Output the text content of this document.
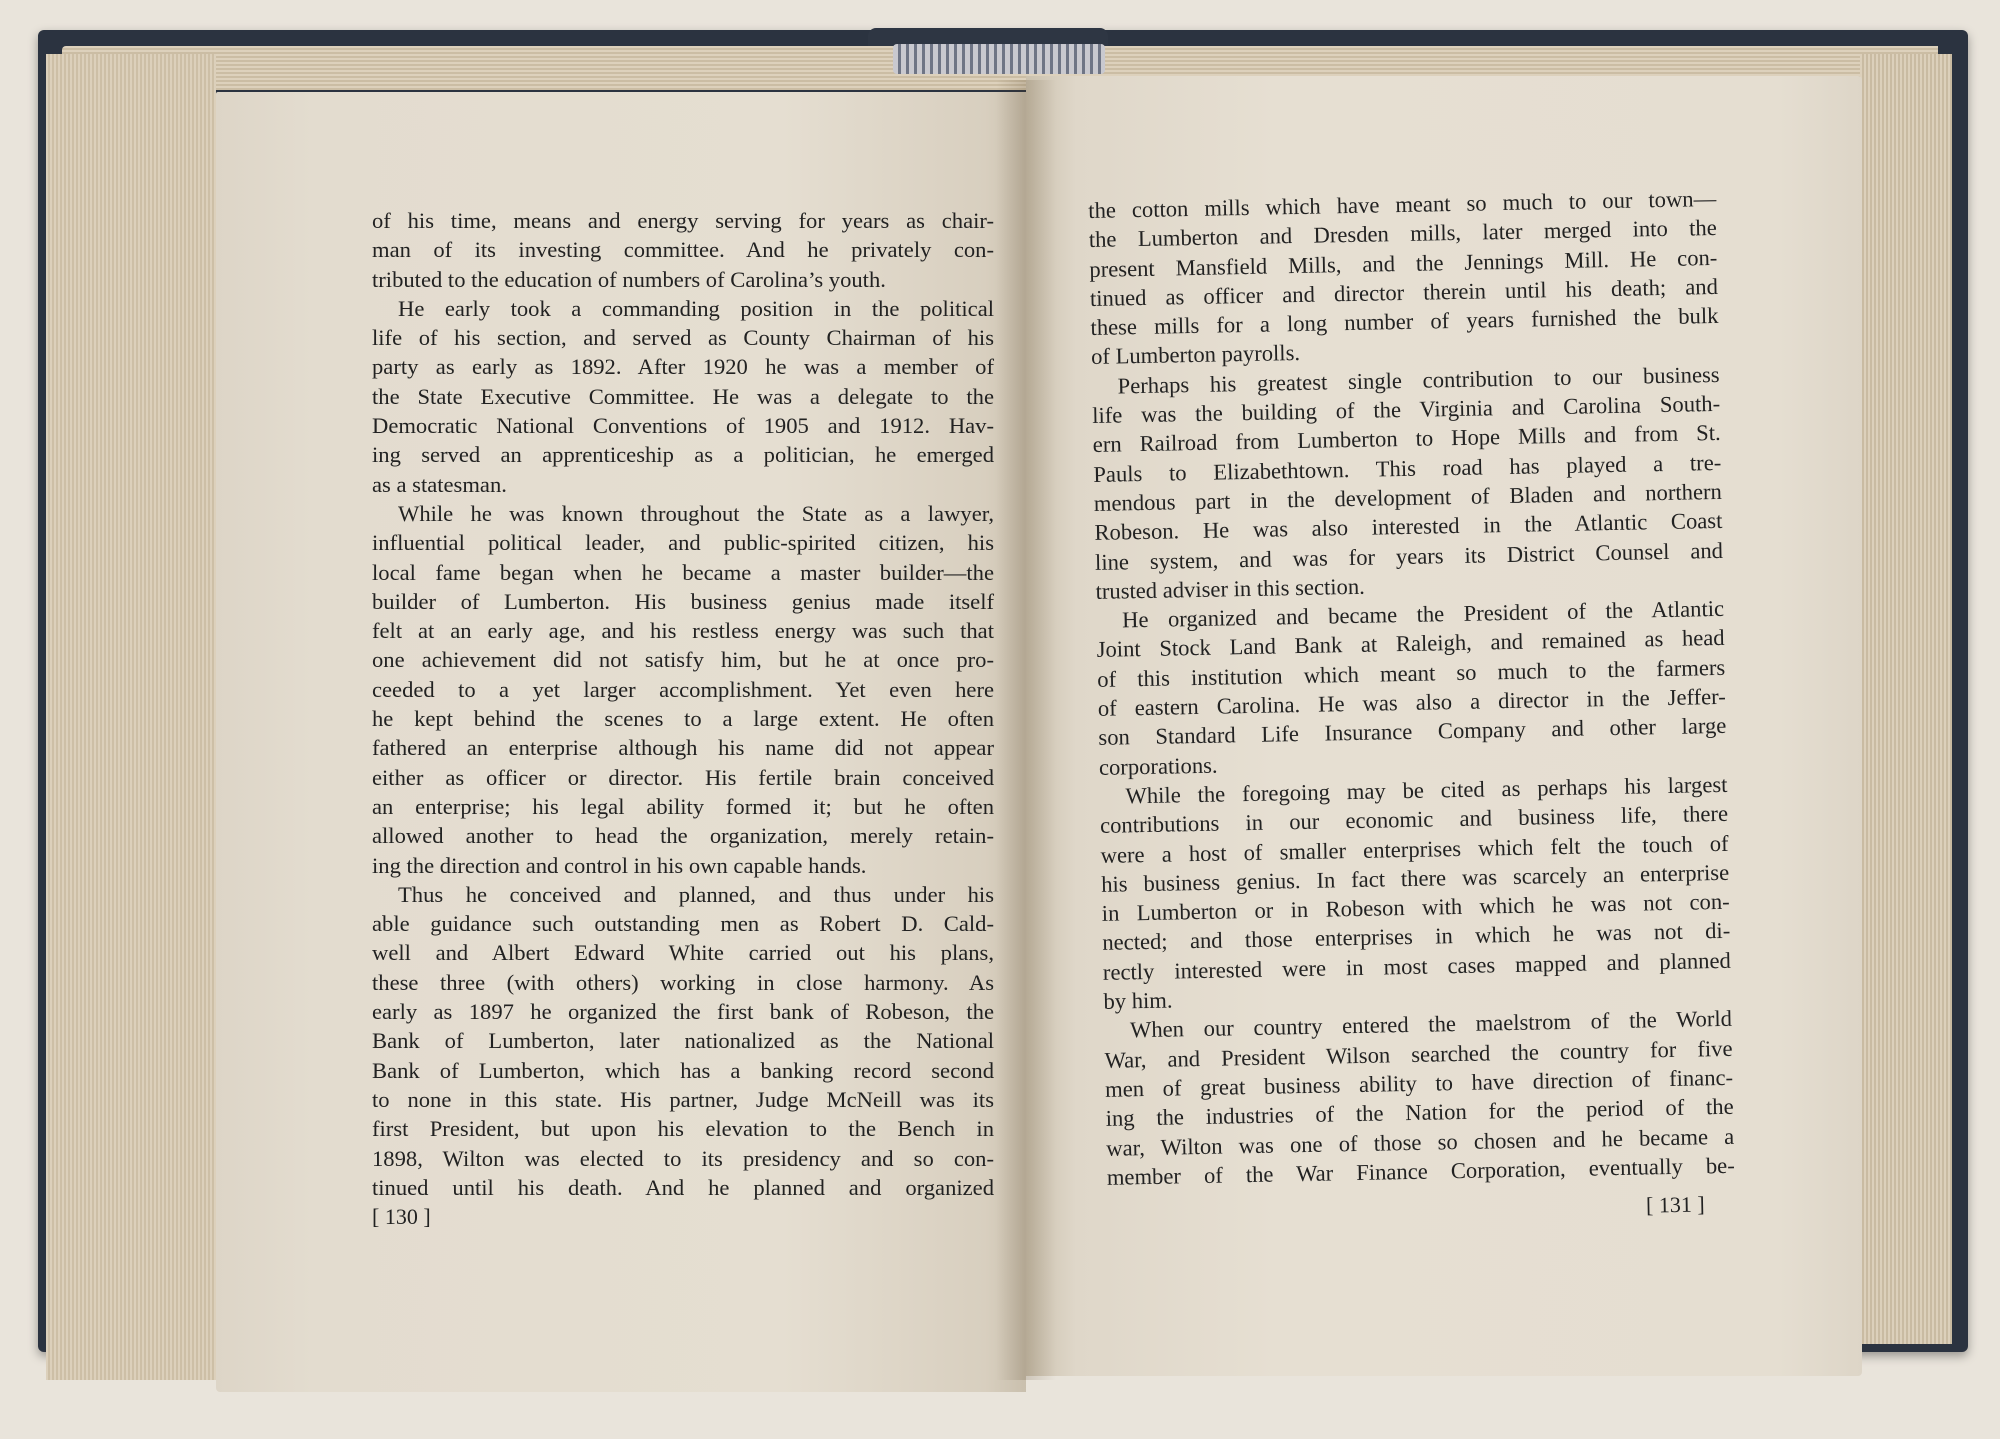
of his time, means and energy serving for years as chair-
man of its investing committee. And he privately con-
tributed to the education of numbers of Carolina’s youth.
He early took a commanding position in the political
life of his section, and served as County Chairman of his
party as early as 1892. After 1920 he was a member of
the State Executive Committee. He was a delegate to the
Democratic National Conventions of 1905 and 1912. Hav-
ing served an apprenticeship as a politician, he emerged
as a statesman.
While he was known throughout the State as a lawyer,
influential political leader, and public-spirited citizen, his
local fame began when he became a master builder—the
builder of Lumberton. His business genius made itself
felt at an early age, and his restless energy was such that
one achievement did not satisfy him, but he at once pro-
ceeded to a yet larger accomplishment. Yet even here
he kept behind the scenes to a large extent. He often
fathered an enterprise although his name did not appear
either as officer or director. His fertile brain conceived
an enterprise; his legal ability formed it; but he often
allowed another to head the organization, merely retain-
ing the direction and control in his own capable hands.
Thus he conceived and planned, and thus under his
able guidance such outstanding men as Robert D. Cald-
well and Albert Edward White carried out his plans,
these three (with others) working in close harmony. As
early as 1897 he organized the first bank of Robeson, the
Bank of Lumberton, later nationalized as the National
Bank of Lumberton, which has a banking record second
to none in this state. His partner, Judge McNeill was its
first President, but upon his elevation to the Bench in
1898, Wilton was elected to its presidency and so con-
tinued until his death. And he planned and organized
[ 130 ]
the cotton mills which have meant so much to our town—
the Lumberton and Dresden mills, later merged into the
present Mansfield Mills, and the Jennings Mill. He con-
tinued as officer and director therein until his death; and
these mills for a long number of years furnished the bulk
of Lumberton payrolls.
Perhaps his greatest single contribution to our business
life was the building of the Virginia and Carolina South-
ern Railroad from Lumberton to Hope Mills and from St.
Pauls to Elizabethtown. This road has played a tre-
mendous part in the development of Bladen and northern
Robeson. He was also interested in the Atlantic Coast
line system, and was for years its District Counsel and
trusted adviser in this section.
He organized and became the President of the Atlantic
Joint Stock Land Bank at Raleigh, and remained as head
of this institution which meant so much to the farmers
of eastern Carolina. He was also a director in the Jeffer-
son Standard Life Insurance Company and other large
corporations.
While the foregoing may be cited as perhaps his largest
contributions in our economic and business life, there
were a host of smaller enterprises which felt the touch of
his business genius. In fact there was scarcely an enterprise
in Lumberton or in Robeson with which he was not con-
nected; and those enterprises in which he was not di-
rectly interested were in most cases mapped and planned
by him.
When our country entered the maelstrom of the World
War, and President Wilson searched the country for five
men of great business ability to have direction of financ-
ing the industries of the Nation for the period of the
war, Wilton was one of those so chosen and he became a
member of the War Finance Corporation, eventually be-
[ 131 ]
